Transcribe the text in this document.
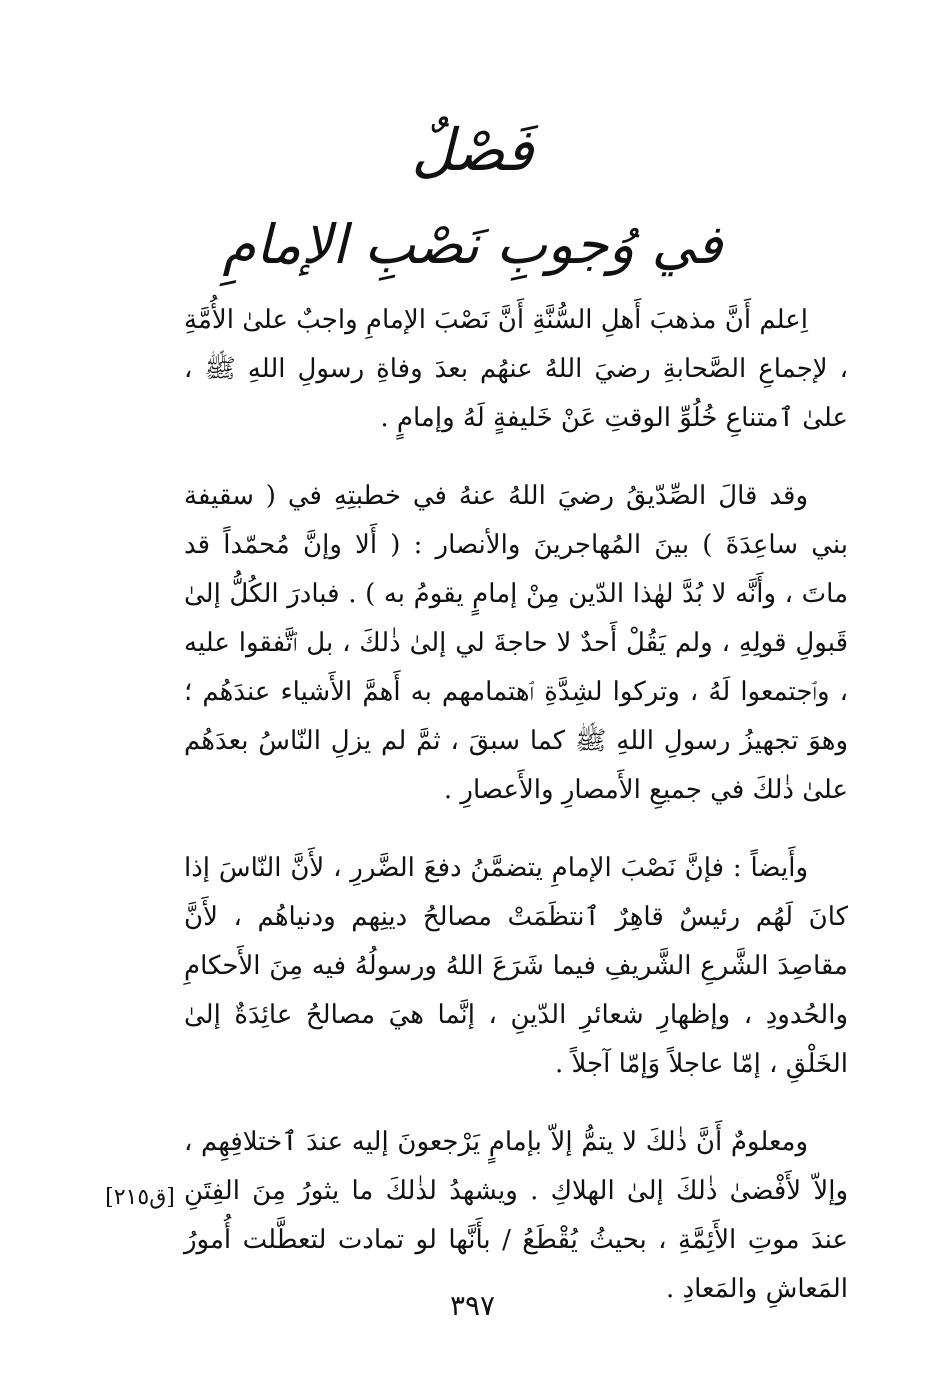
فَصْلٌ
في وُجوبِ نَصْبِ الإمامِ

اِعلم أَنَّ مذهبَ أَهلِ السُّنَّةِ أَنَّ نَصْبَ الإمامِ واجبٌ علىٰ الأُمَّةِ ، لإجماعِ الصَّحابةِ رضيَ اللهُ عنهُم بعدَ وفاةِ رسولِ اللهِ ﷺ ، علىٰ ٱمتناعِ خُلُوِّ الوقتِ عَنْ خَليفةٍ لَهُ وإمامٍ .

وقد قالَ الصِّدّيقُ رضيَ اللهُ عنهُ في خطبتِهِ في ( سقيفة بني ساعِدَةَ ) بينَ المُهاجرينَ والأنصار : ( أَلا وإنَّ مُحمّداً قد ماتَ ، وأَنَّه لا بُدَّ لهٰذا الدّين مِنْ إمامٍ يقومُ به ) . فبادرَ الكُلُّ إلىٰ قَبولِ قولِهِ ، ولم يَقُلْ أَحدٌ لا حاجةَ لي إلىٰ ذٰلكَ ، بل ٱتَّفقوا عليه ، وٱجتمعوا لَهُ ، وتركوا لشِدَّةِ ٱهتمامهم به أَهمَّ الأَشياء عندَهُم ؛ وهوَ تجهيزُ رسولِ اللهِ ﷺ كما سبقَ ، ثمَّ لم يزلِ النّاسُ بعدَهُم علىٰ ذٰلكَ في جميعِ الأَمصارِ والأَعصارِ .

وأَيضاً : فإنَّ نَصْبَ الإمامِ يتضمَّنُ دفعَ الضَّررِ ، لأَنَّ النّاسَ إذا كانَ لَهُم رئيسٌ قاهِرٌ ٱنتظَمَتْ مصالحُ دينِهم ودنياهُم ، لأَنَّ مقاصِدَ الشَّرعِ الشَّريفِ فيما شَرَعَ اللهُ ورسولُهُ فيه مِنَ الأَحكامِ والحُدودِ ، وإظهارِ شعائرِ الدّينِ ، إنَّما هيَ مصالحُ عائِدَةٌ إلىٰ الخَلْقِ ، إمّا عاجلاً وَإمّا آجلاً .

ومعلومٌ أَنَّ ذٰلكَ لا يتمُّ إلاّ بإمامٍ يَرْجعونَ إليه عندَ ٱختلافِهِم ، وإلاّ لأَفْضىٰ ذٰلكَ إلىٰ الهلاكِ . ويشهدُ لذٰلكَ ما يثورُ مِنَ الفِتَنِ عندَ موتِ الأَئِمَّةِ ، بحيثُ يُقْطَعُ / بأَنَّها لو تمادت لتعطَّلت أُمورُ المَعاشِ والمَعادِ .

[ق٢١٥]
٣٩٧
